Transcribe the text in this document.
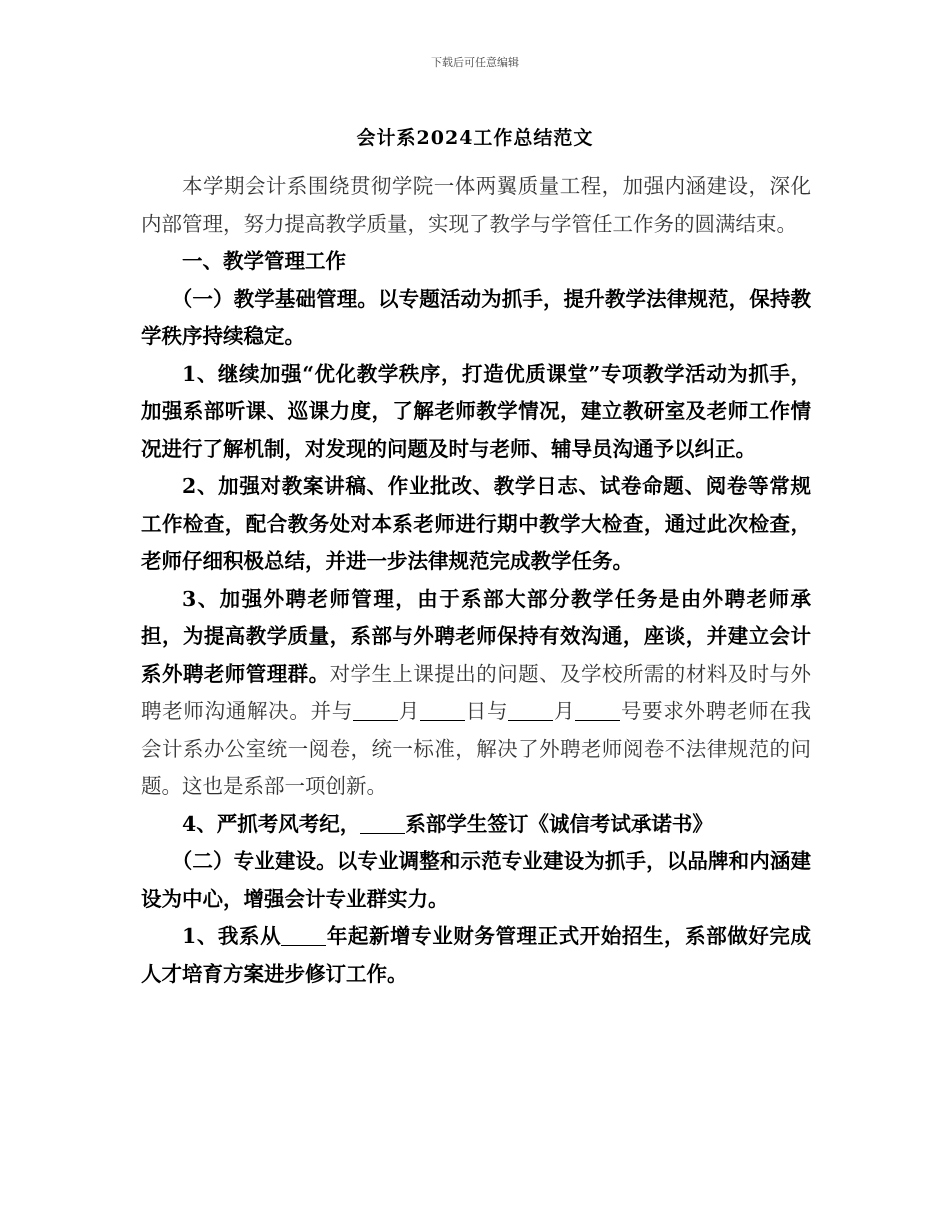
下载后可任意编辑
会计系2024工作总结范文

本学期会计系围绕贯彻学院一体两翼质量工程，加强内涵建设，深化内部管理，努力提高教学质量，实现了教学与学管任工作务的圆满结束。

一、教学管理工作

（一）教学基础管理。以专题活动为抓手，提升教学法律规范，保持教学秩序持续稳定。

1、继续加强“优化教学秩序，打造优质课堂”专项教学活动为抓手，加强系部听课、巡课力度，了解老师教学情况，建立教研室及老师工作情况进行了解机制，对发现的问题及时与老师、辅导员沟通予以纠正。

2、加强对教案讲稿、作业批改、教学日志、试卷命题、阅卷等常规工作检查，配合教务处对本系老师进行期中教学大检查，通过此次检查，老师仔细积极总结，并进一步法律规范完成教学任务。

3、加强外聘老师管理，由于系部大部分教学任务是由外聘老师承担，为提高教学质量，系部与外聘老师保持有效沟通，座谈，并建立会计系外聘老师管理群。对学生上课提出的问题、及学校所需的材料及时与外聘老师沟通解决。并与 月 日与 月 号要求外聘老师在我会计系办公室统一阅卷，统一标准，解决了外聘老师阅卷不法律规范的问题。这也是系部一项创新。

4、严抓考风考纪， 系部学生签订《诚信考试承诺书》

（二）专业建设。以专业调整和示范专业建设为抓手，以品牌和内涵建设为中心，增强会计专业群实力。

1、我系从 年起新增专业财务管理正式开始招生，系部做好完成人才培育方案进步修订工作。
